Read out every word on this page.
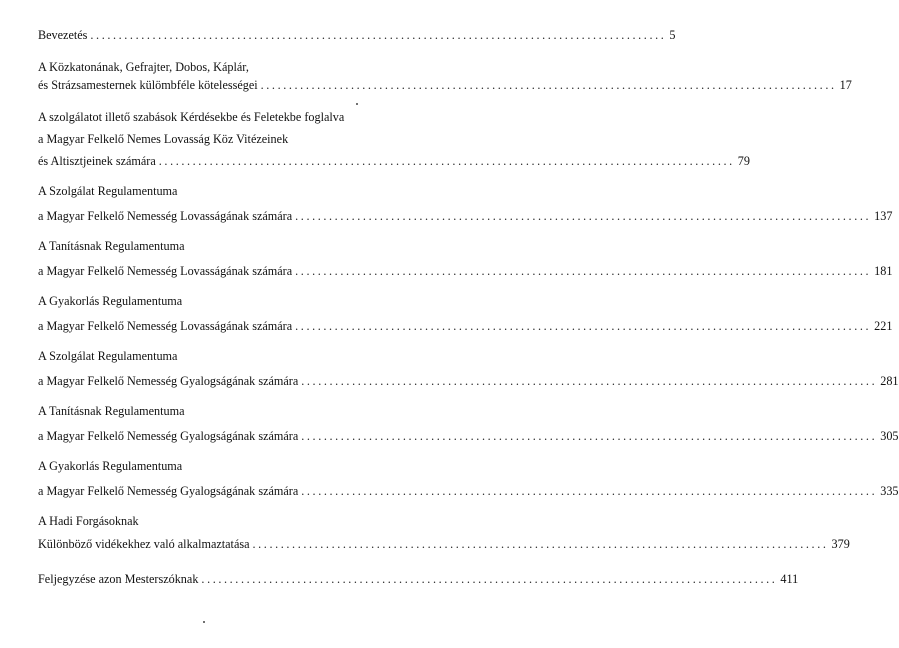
Bevezetés ...................................................................................................... 5
A Közkatonának, Gefrajter, Dobos, Káplár,
és Strázsamesternek külömbféle kötelességei ...................................................................................................... 17
A szolgálatot illető szabások Kérdésekbe és Feletekbe foglalva
a Magyar Felkelő Nemes Lovasság Köz Vitézeinek
és Altisztjeinek számára ...................................................................................................... 79
A Szolgálat Regulamentuma
a Magyar Felkelő Nemesség Lovasságának számára ...................................................................................................... 137
A Tanításnak Regulamentuma
a Magyar Felkelő Nemesség Lovasságának számára ...................................................................................................... 181
A Gyakorlás Regulamentuma
a Magyar Felkelő Nemesség Lovasságának számára ...................................................................................................... 221
A Szolgálat Regulamentuma
a Magyar Felkelő Nemesség Gyalogságának számára ...................................................................................................... 281
A Tanításnak Regulamentuma
a Magyar Felkelő Nemesség Gyalogságának számára ...................................................................................................... 305
A Gyakorlás Regulamentuma
a Magyar Felkelő Nemesség Gyalogságának számára ...................................................................................................... 335
A Hadi Forgásoknak
Különböző vidékekhez való alkalmaztatása ...................................................................................................... 379
Feljegyzése azon Mesterszóknak ...................................................................................................... 411
